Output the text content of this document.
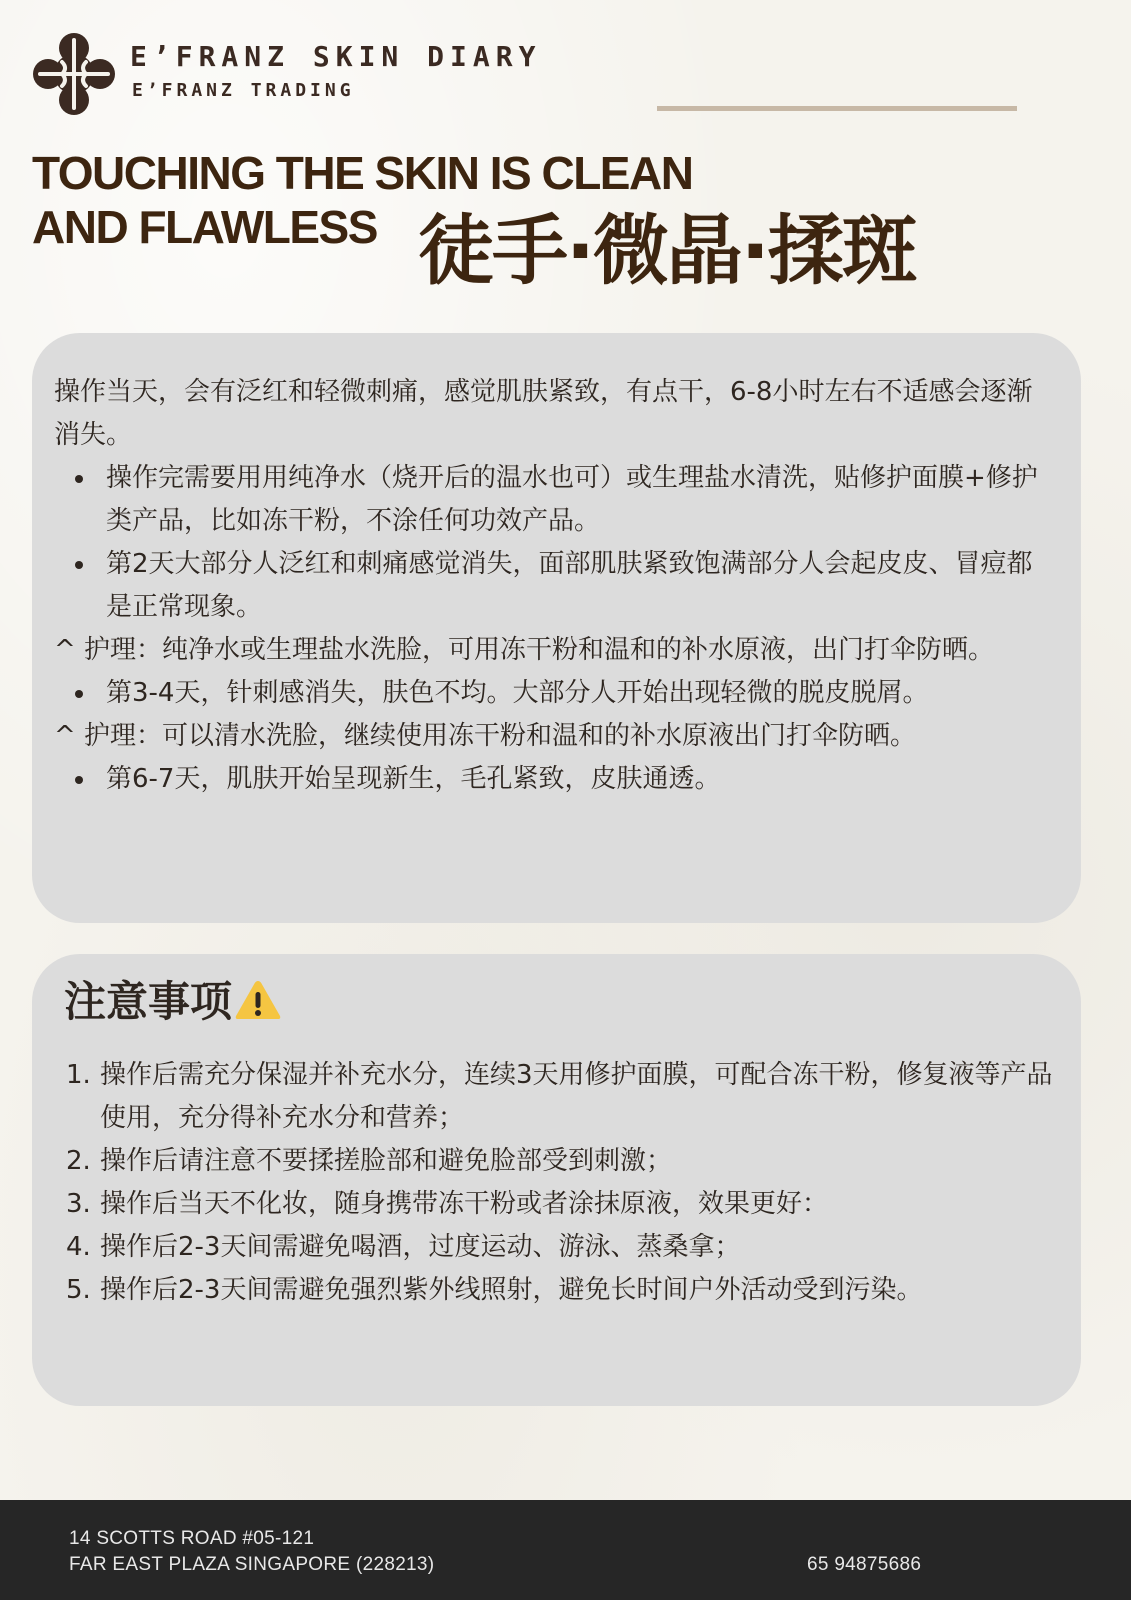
E’FRANZ SKIN DIARY
E’FRANZ TRADING
TOUCHING THE SKIN IS CLEAN
AND FLAWLESS 徒手·微晶·揉斑
操作当天，会有泛红和轻微刺痛，感觉肌肤紧致，有点干，6-8小时左右不适感会逐渐消失。
操作完需要用用纯净水（烧开后的温水也可）或生理盐水清洗，贴修护面膜+修护类产品，比如冻干粉，不涂任何功效产品。
第2天大部分人泛红和刺痛感觉消失，面部肌肤紧致饱满部分人会起皮皮、冒痘都是正常现象。
^ 护理：纯净水或生理盐水洗脸，可用冻干粉和温和的补水原液，出门打伞防晒。
第3-4天，针刺感消失，肤色不均。大部分人开始出现轻微的脱皮脱屑。
^ 护理：可以清水洗脸，继续使用冻干粉和温和的补水原液出门打伞防晒。
第6-7天，肌肤开始呈现新生，毛孔紧致，皮肤通透。
注意事项
1. 操作后需充分保湿并补充水分，连续3天用修护面膜，可配合冻干粉，修复液等产品使用，充分得补充水分和营养；
2. 操作后请注意不要揉搓脸部和避免脸部受到刺激；
3. 操作后当天不化妆，随身携带冻干粉或者涂抹原液，效果更好：
4. 操作后2-3天间需避免喝酒，过度运动、游泳、蒸桑拿；
5. 操作后2-3天间需避免强烈紫外线照射，避免长时间户外活动受到污染。
14 SCOTTS ROAD #05-121
FAR EAST PLAZA SINGAPORE (228213)	65 94875686
